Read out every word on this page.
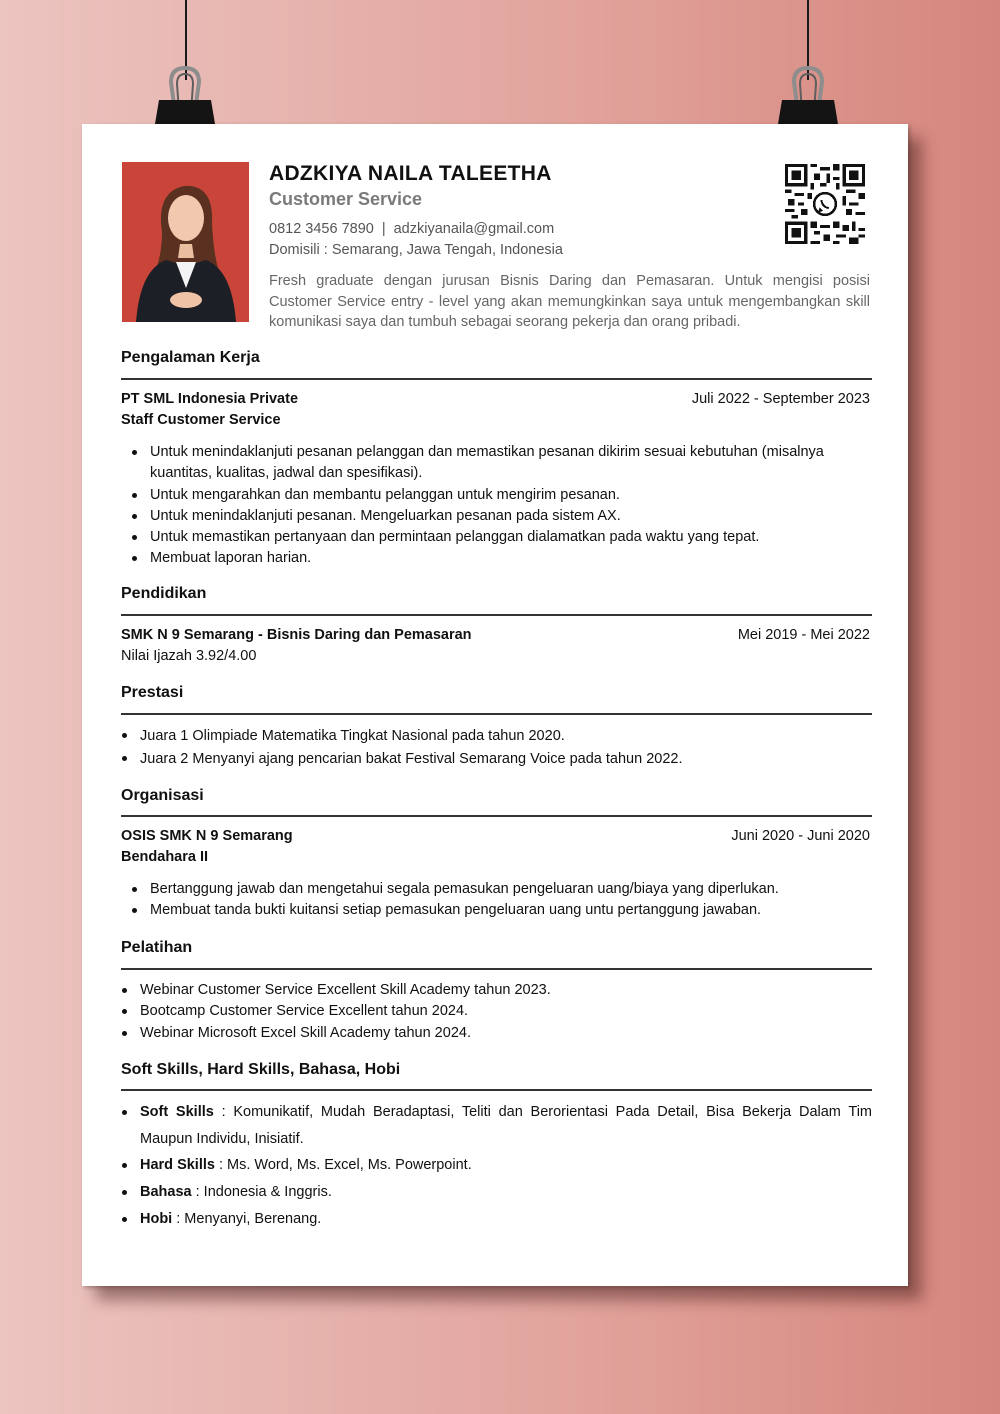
ADZKIYA NAILA TALEETHA
Customer Service
0812 3456 7890 | adzkiyanaila@gmail.com
Domisili : Semarang, Jawa Tengah, Indonesia

Fresh graduate dengan jurusan Bisnis Daring dan Pemasaran. Untuk mengisi posisi Customer Service entry - level yang akan memungkinkan saya untuk mengembangkan skill komunikasi saya dan tumbuh sebagai seorang pekerja dan orang pribadi.

Pengalaman Kerja
PT SML Indonesia Private	Juli 2022 - September 2023
Staff Customer Service
Untuk menindaklanjuti pesanan pelanggan dan memastikan pesanan dikirim sesuai kebutuhan (misalnya kuantitas, kualitas, jadwal dan spesifikasi).
Untuk mengarahkan dan membantu pelanggan untuk mengirim pesanan.
Untuk menindaklanjuti pesanan. Mengeluarkan pesanan pada sistem AX.
Untuk memastikan pertanyaan dan permintaan pelanggan dialamatkan pada waktu yang tepat.
Membuat laporan harian.
Pendidikan
SMK N 9 Semarang - Bisnis Daring dan Pemasaran	Mei 2019 - Mei 2022
Nilai Ijazah 3.92/4.00
Prestasi
Juara 1 Olimpiade Matematika Tingkat Nasional pada tahun 2020.
Juara 2 Menyanyi ajang pencarian bakat Festival Semarang Voice pada tahun 2022.
Organisasi
OSIS SMK N 9 Semarang	Juni 2020 - Juni 2020
Bendahara II
Bertanggung jawab dan mengetahui segala pemasukan pengeluaran uang/biaya yang diperlukan.
Membuat tanda bukti kuitansi setiap pemasukan pengeluaran uang untu pertanggung jawaban.
Pelatihan
Webinar Customer Service Excellent Skill Academy tahun 2023.
Bootcamp Customer Service Excellent tahun 2024.
Webinar Microsoft Excel Skill Academy tahun 2024.
Soft Skills, Hard Skills, Bahasa, Hobi
Soft Skills : Komunikatif, Mudah Beradaptasi, Teliti dan Berorientasi Pada Detail, Bisa Bekerja Dalam Tim Maupun Individu, Inisiatif.
Hard Skills : Ms. Word, Ms. Excel, Ms. Powerpoint.
Bahasa : Indonesia & Inggris.
Hobi : Menyanyi, Berenang.
